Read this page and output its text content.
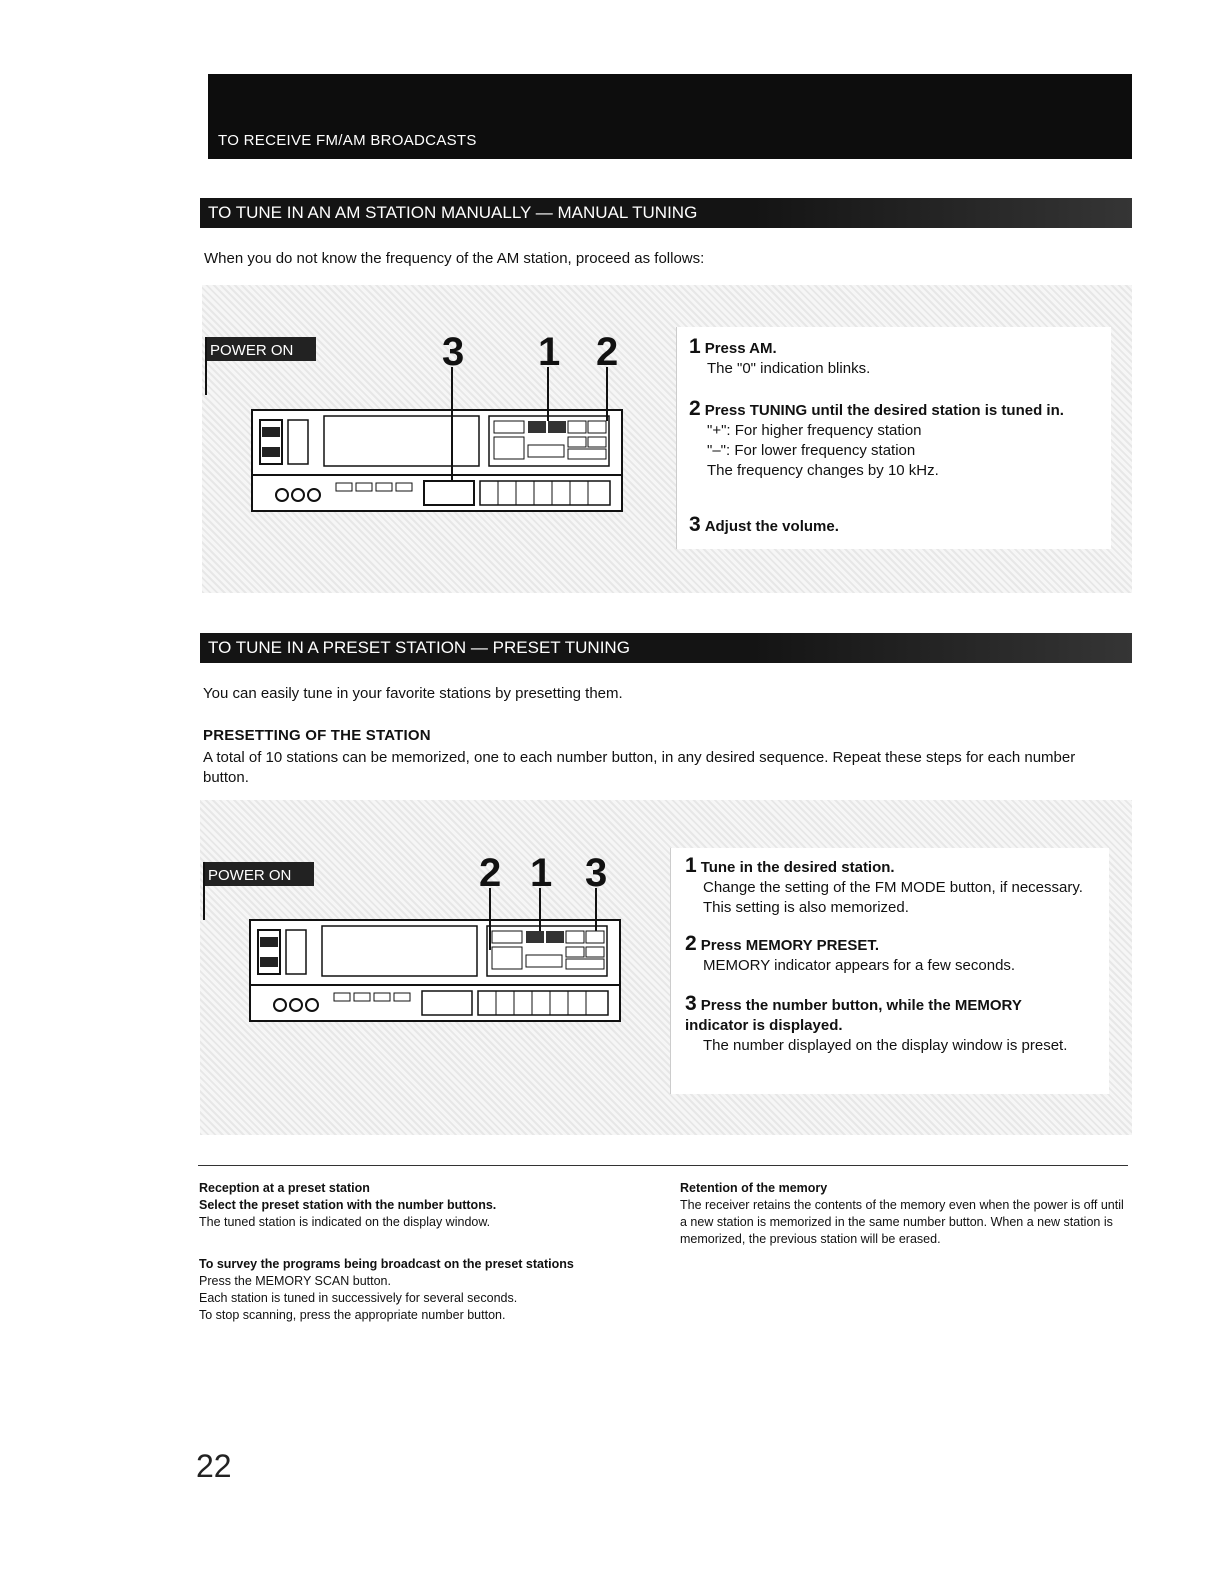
TO RECEIVE FM/AM BROADCASTS
TO TUNE IN AN AM STATION MANUALLY — MANUAL TUNING
When you do not know the frequency of the AM station, proceed as follows:
POWER ON	3 1 2	1 Press AM.
The "0" indication blinks.
2 Press TUNING until the desired station is tuned in.
"+": For higher frequency station
"–": For lower frequency station
The frequency changes by 10 kHz.
3 Adjust the volume.
TO TUNE IN A PRESET STATION — PRESET TUNING
You can easily tune in your favorite stations by presetting them.
PRESETTING OF THE STATION
A total of 10 stations can be memorized, one to each number button, in any desired sequence. Repeat these steps for each number button.
POWER ON	2 1 3	1 Tune in the desired station.
Change the setting of the FM MODE button, if necessary. This setting is also memorized.
2 Press MEMORY PRESET.
MEMORY indicator appears for a few seconds.
3 Press the number button, while the MEMORY indicator is displayed.
The number displayed on the display window is preset.
Reception at a preset station
Select the preset station with the number buttons.
The tuned station is indicated on the display window.
To survey the programs being broadcast on the preset stations
Press the MEMORY SCAN button.
Each station is tuned in successively for several seconds.
To stop scanning, press the appropriate number button.
Retention of the memory
The receiver retains the contents of the memory even when the power is off until a new station is memorized in the same number button. When a new station is memorized, the previous station will be erased.
22
